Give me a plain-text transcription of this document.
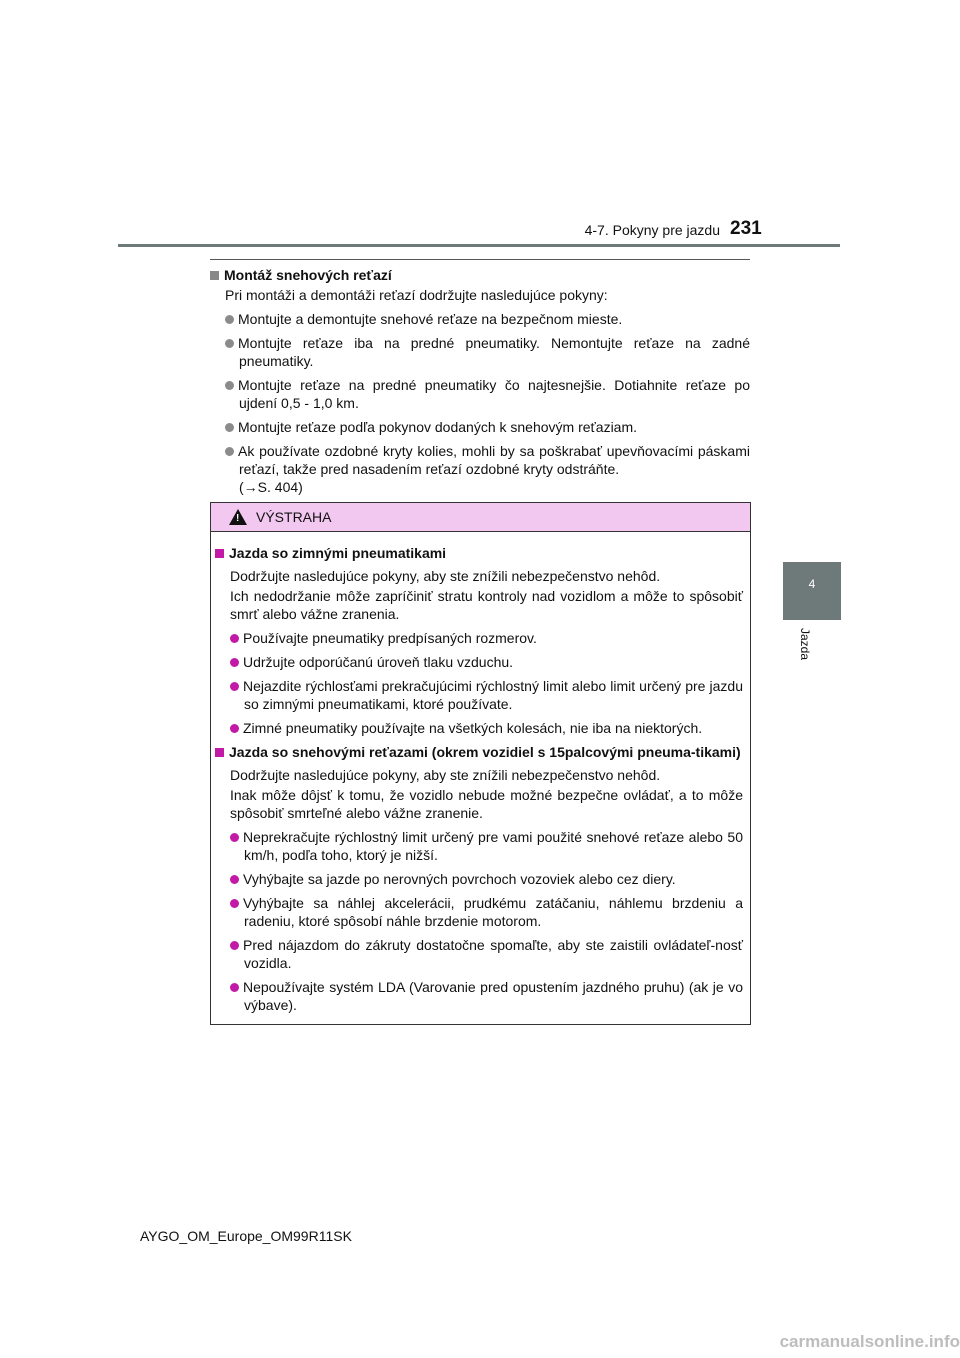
4-7. Pokyny pre jazdu 231
4
Jazda
Montáž snehových reťazí
Pri montáži a demontáži reťazí dodržujte nasledujúce pokyny:
Montujte a demontujte snehové reťaze na bezpečnom mieste.
Montujte reťaze iba na predné pneumatiky. Nemontujte reťaze na zadné pneumatiky.
Montujte reťaze na predné pneumatiky čo najtesnejšie. Dotiahnite reťaze po ujdení 0,5 - 1,0 km.
Montujte reťaze podľa pokynov dodaných k snehovým reťaziam.
Ak používate ozdobné kryty kolies, mohli by sa poškrabať upevňovacími páskami reťazí, takže pred nasadením reťazí ozdobné kryty odstráňte.
(→S. 404)
!
VÝSTRAHA
Jazda so zimnými pneumatikami
Dodržujte nasledujúce pokyny, aby ste znížili nebezpečenstvo nehôd.
Ich nedodržanie môže zapríčiniť stratu kontroly nad vozidlom a môže to spôsobiť smrť alebo vážne zranenia.
Používajte pneumatiky predpísaných rozmerov.
Udržujte odporúčanú úroveň tlaku vzduchu.
Nejazdite rýchlosťami prekračujúcimi rýchlostný limit alebo limit určený pre jazdu so zimnými pneumatikami, ktoré používate.
Zimné pneumatiky používajte na všetkých kolesách, nie iba na niektorých.
Jazda so snehovými reťazami (okrem vozidiel s 15palcovými pneuma-tikami)
Dodržujte nasledujúce pokyny, aby ste znížili nebezpečenstvo nehôd.
Inak môže dôjsť k tomu, že vozidlo nebude možné bezpečne ovládať, a to môže spôsobiť smrteľné alebo vážne zranenie.
Neprekračujte rýchlostný limit určený pre vami použité snehové reťaze alebo 50 km/h, podľa toho, ktorý je nižší.
Vyhýbajte sa jazde po nerovných povrchoch vozoviek alebo cez diery.
Vyhýbajte sa náhlej akcelerácii, prudkému zatáčaniu, náhlemu brzdeniu a radeniu, ktoré spôsobí náhle brzdenie motorom.
Pred nájazdom do zákruty dostatočne spomaľte, aby ste zaistili ovládateľ-nosť vozidla.
Nepoužívajte systém LDA (Varovanie pred opustením jazdného pruhu) (ak je vo výbave).
AYGO_OM_Europe_OM99R11SK
carmanualsonline.info
